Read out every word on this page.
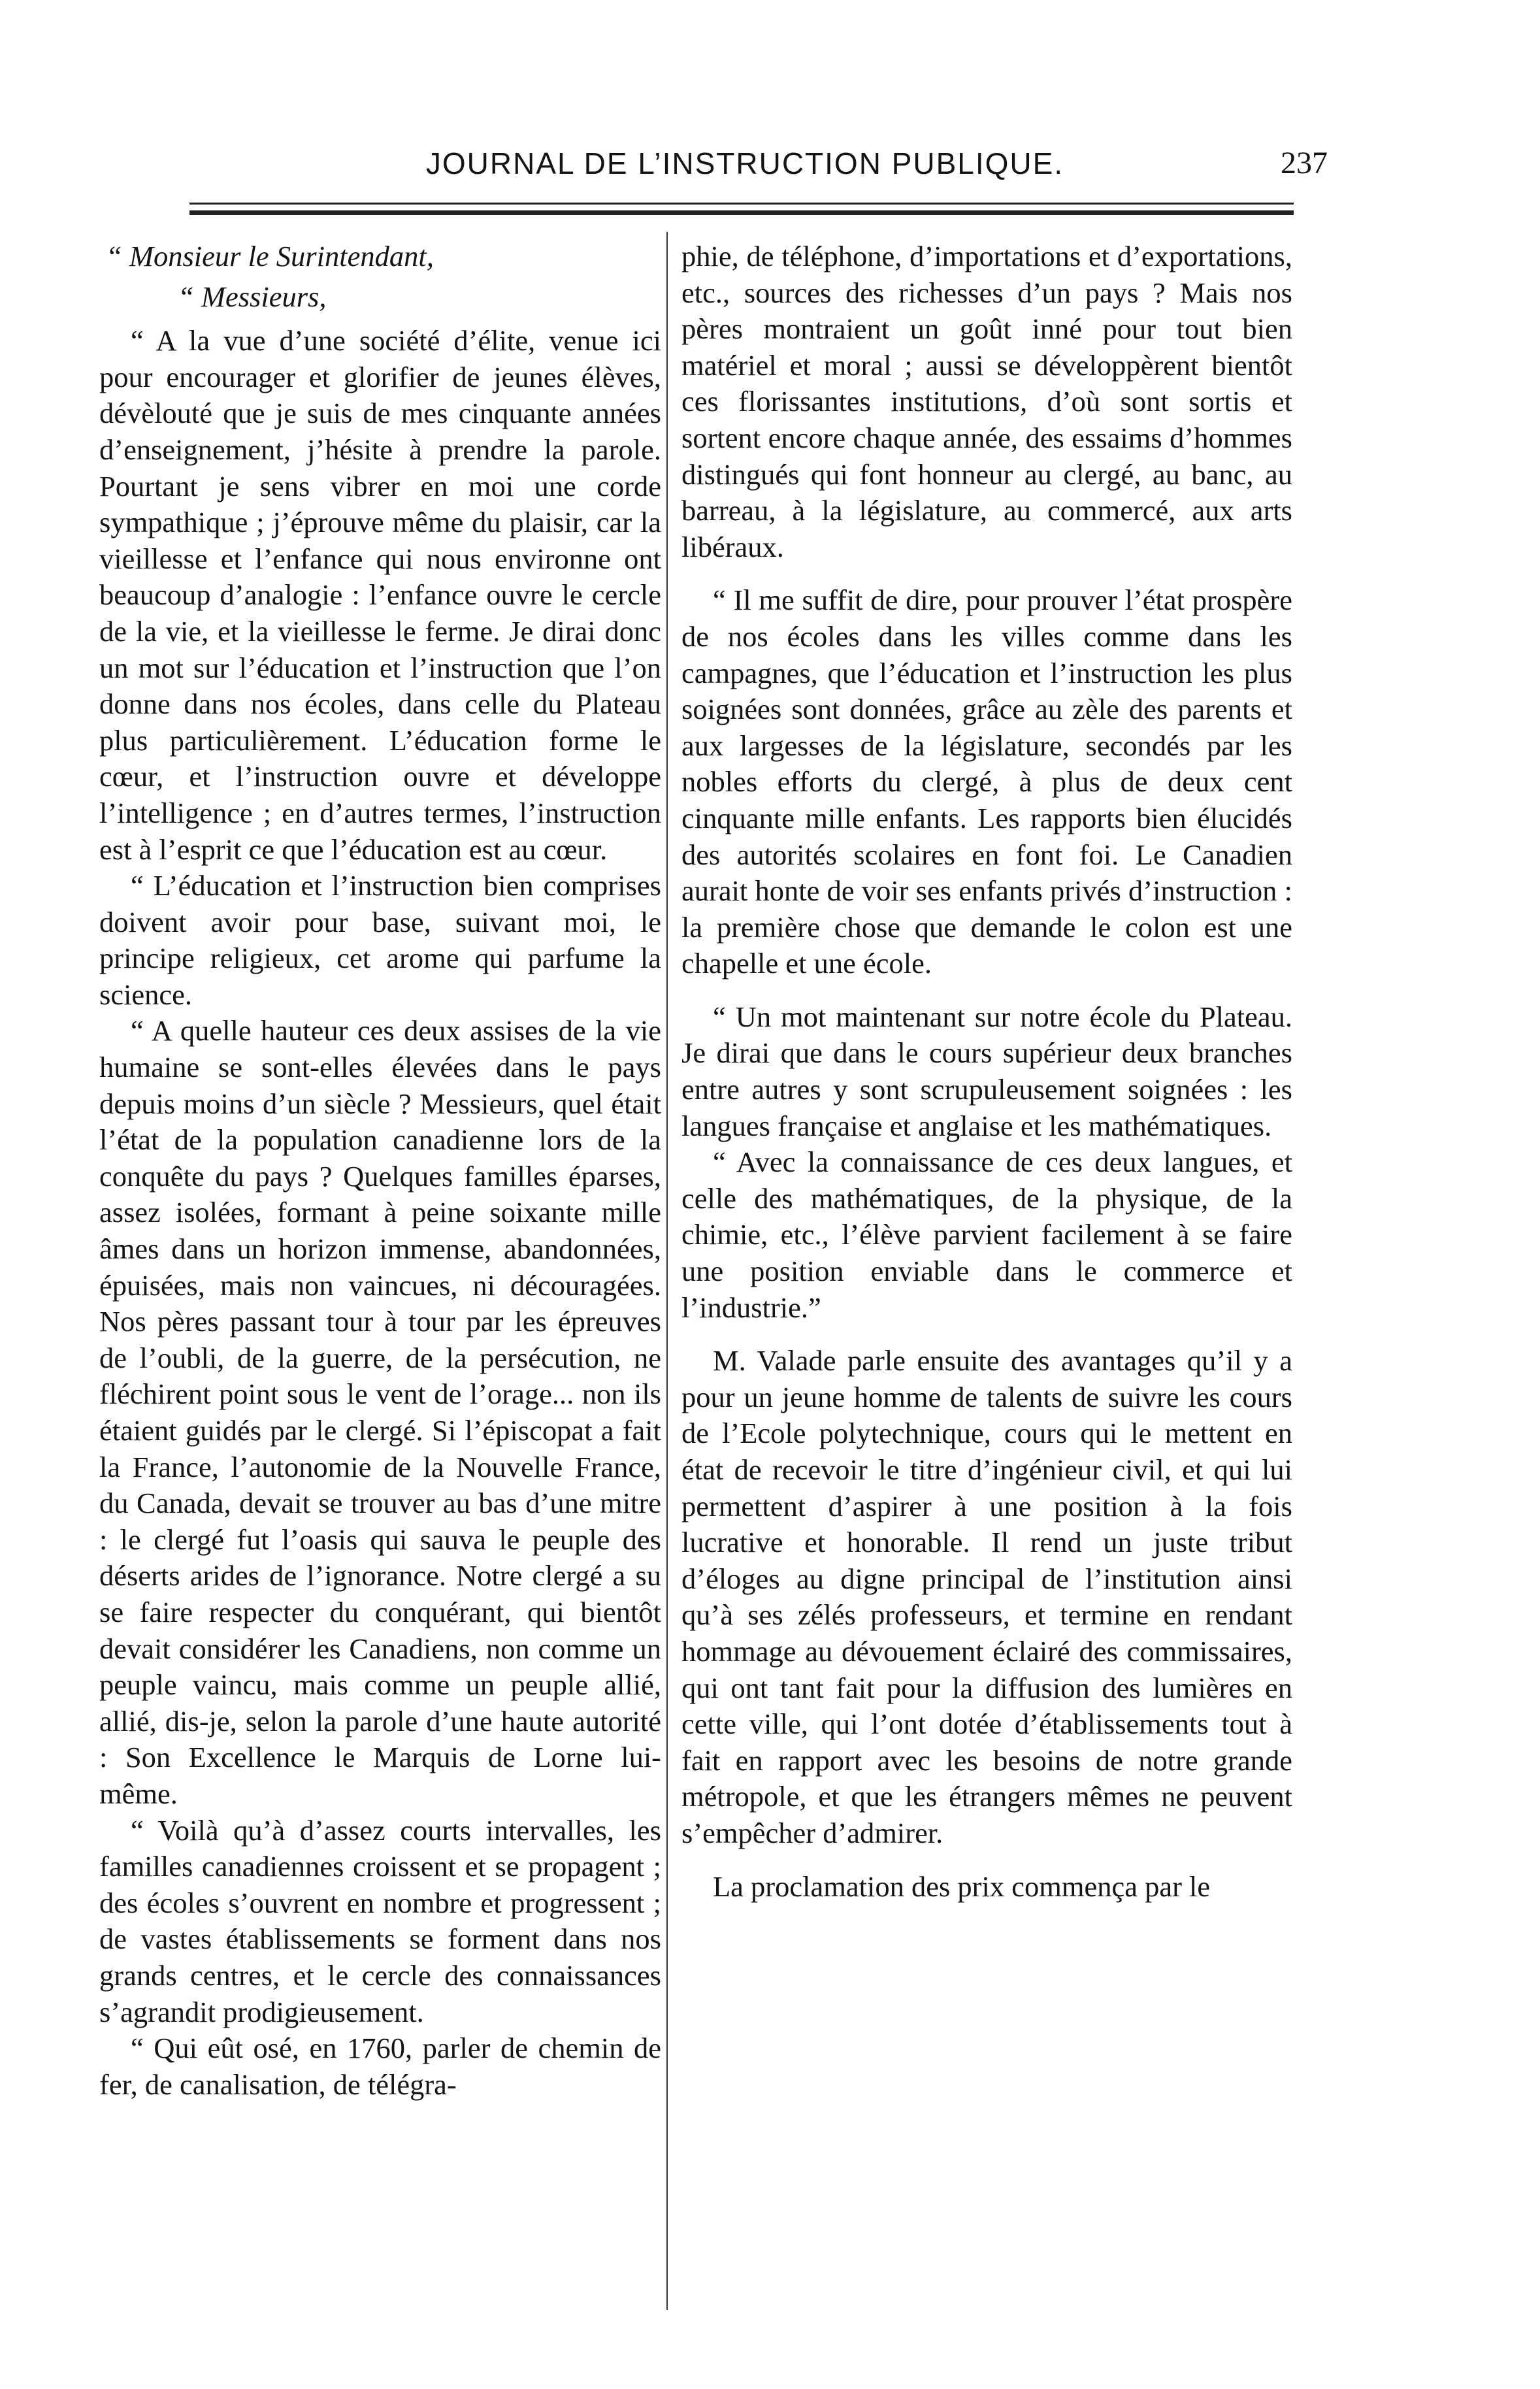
JOURNAL DE L’INSTRUCTION PUBLIQUE.	237

“ Monsieur le Surintendant,

“ Messieurs,

“ A la vue d’une société d’élite, venue ici pour encourager et glorifier de jeunes élèves, dévèlouté que je suis de mes cinquante années d’enseignement, j’hésite à prendre la parole. Pourtant je sens vibrer en moi une corde sympathique ; j’éprouve même du plaisir, car la vieillesse et l’enfance qui nous environne ont beaucoup d’analogie : l’enfance ouvre le cercle de la vie, et la vieillesse le ferme. Je dirai donc un mot sur l’éducation et l’instruction que l’on donne dans nos écoles, dans celle du Plateau plus particulièrement. L’éducation forme le cœur, et l’instruction ouvre et développe l’intelligence ; en d’autres termes, l’instruction est à l’esprit ce que l’éducation est au cœur.

“ L’éducation et l’instruction bien comprises doivent avoir pour base, suivant moi, le principe religieux, cet arome qui parfume la science.

“ A quelle hauteur ces deux assises de la vie humaine se sont-elles élevées dans le pays depuis moins d’un siècle ? Messieurs, quel était l’état de la population canadienne lors de la conquête du pays ? Quelques familles éparses, assez isolées, formant à peine soixante mille âmes dans un horizon immense, abandonnées, épuisées, mais non vaincues, ni découragées. Nos pères passant tour à tour par les épreuves de l’oubli, de la guerre, de la persécution, ne fléchirent point sous le vent de l’orage... non ils étaient guidés par le clergé. Si l’épiscopat a fait la France, l’autonomie de la Nouvelle France, du Canada, devait se trouver au bas d’une mitre : le clergé fut l’oasis qui sauva le peuple des déserts arides de l’ignorance. Notre clergé a su se faire respecter du conquérant, qui bientôt devait considérer les Canadiens, non comme un peuple vaincu, mais comme un peuple allié, allié, dis-je, selon la parole d’une haute autorité : Son Excellence le Marquis de Lorne lui-même.

“ Voilà qu’à d’assez courts intervalles, les familles canadiennes croissent et se propagent ; des écoles s’ouvrent en nombre et progressent ; de vastes établissements se forment dans nos grands centres, et le cercle des connaissances s’agrandit prodigieusement.

“ Qui eût osé, en 1760, parler de chemin de fer, de canalisation, de télégra-

phie, de téléphone, d’importations et d’exportations, etc., sources des richesses d’un pays ? Mais nos pères montraient un goût inné pour tout bien matériel et moral ; aussi se développèrent bientôt ces florissantes institutions, d’où sont sortis et sortent encore chaque année, des essaims d’hommes distingués qui font honneur au clergé, au banc, au barreau, à la législature, au commercé, aux arts libéraux.

“ Il me suffit de dire, pour prouver l’état prospère de nos écoles dans les villes comme dans les campagnes, que l’éducation et l’instruction les plus soignées sont données, grâce au zèle des parents et aux largesses de la législature, secondés par les nobles efforts du clergé, à plus de deux cent cinquante mille enfants. Les rapports bien élucidés des autorités scolaires en font foi. Le Canadien aurait honte de voir ses enfants privés d’instruction : la première chose que demande le colon est une chapelle et une école.

“ Un mot maintenant sur notre école du Plateau. Je dirai que dans le cours supérieur deux branches entre autres y sont scrupuleusement soignées : les langues française et anglaise et les mathématiques.

“ Avec la connaissance de ces deux langues, et celle des mathématiques, de la physique, de la chimie, etc., l’élève parvient facilement à se faire une position enviable dans le commerce et l’industrie.”

M. Valade parle ensuite des avantages qu’il y a pour un jeune homme de talents de suivre les cours de l’Ecole polytechnique, cours qui le mettent en état de recevoir le titre d’ingénieur civil, et qui lui permettent d’aspirer à une position à la fois lucrative et honorable. Il rend un juste tribut d’éloges au digne principal de l’institution ainsi qu’à ses zélés professeurs, et termine en rendant hommage au dévouement éclairé des commissaires, qui ont tant fait pour la diffusion des lumières en cette ville, qui l’ont dotée d’établissements tout à fait en rapport avec les besoins de notre grande métropole, et que les étrangers mêmes ne peuvent s’empêcher d’admirer.

La proclamation des prix commença par le
